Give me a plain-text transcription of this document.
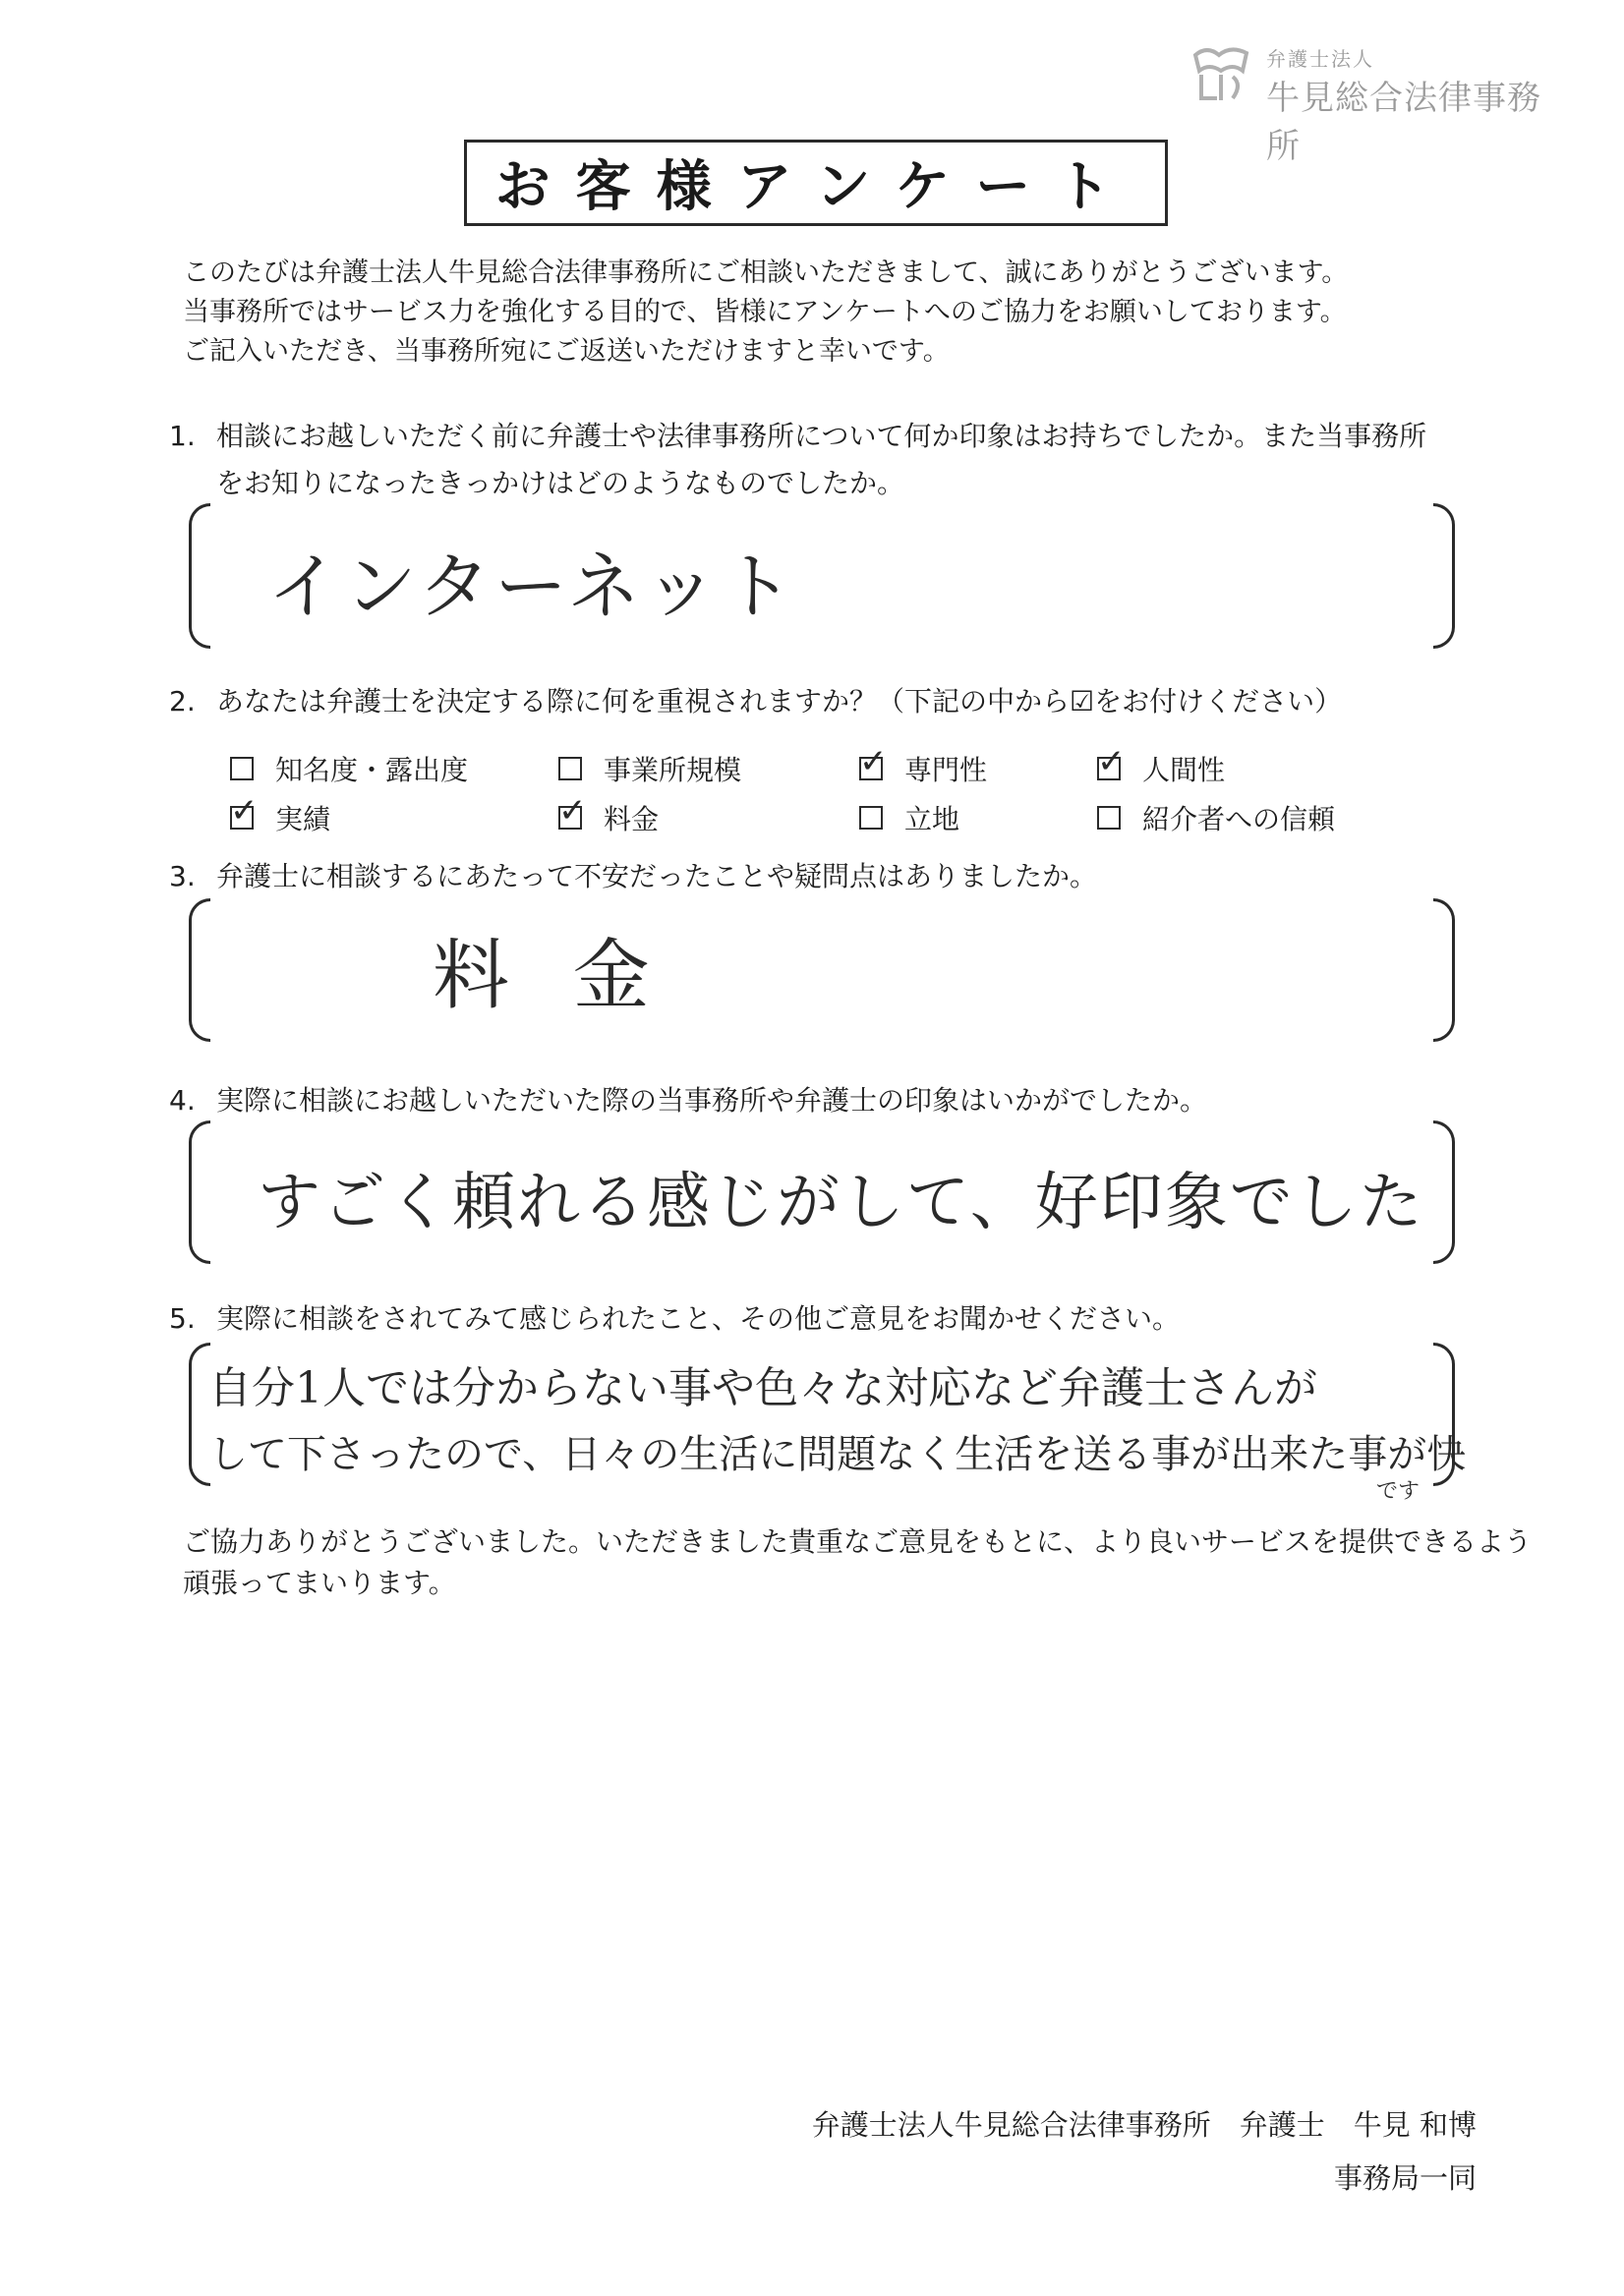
弁護士法人
牛見総合法律事務所
お客様アンケート
このたびは弁護士法人牛見総合法律事務所にご相談いただきまして、誠にありがとうございます。
当事務所ではサービス力を強化する目的で、皆様にアンケートへのご協力をお願いしております。
ご記入いただき、当事務所宛にご返送いただけますと幸いです。
1. 相談にお越しいただく前に弁護士や法律事務所について何か印象はお持ちでしたか。また当事務所
をお知りになったきっかけはどのようなものでしたか。
インターネット
2. あなたは弁護士を決定する際に何を重視されますか？（下記の中から☑をお付けください）
知名度・露出度	事業所規模	✓ 専門性	✓ 人間性
✓ 実績	✓ 料金	立地	紹介者への信頼
3. 弁護士に相談するにあたって不安だったことや疑問点はありましたか。
料 金
4. 実際に相談にお越しいただいた際の当事務所や弁護士の印象はいかがでしたか。
すごく頼れる感じがして、好印象でした
5. 実際に相談をされてみて感じられたこと、その他ご意見をお聞かせください。
自分1人では分からない事や色々な対応など弁護士さんが
して下さったので、日々の生活に問題なく生活を送る事が出来た事が快
です
ご協力ありがとうございました。いただきました貴重なご意見をもとに、より良いサービスを提供できるよう
頑張ってまいります。
弁護士法人牛見総合法律事務所　弁護士　牛見 和博
事務局一同
